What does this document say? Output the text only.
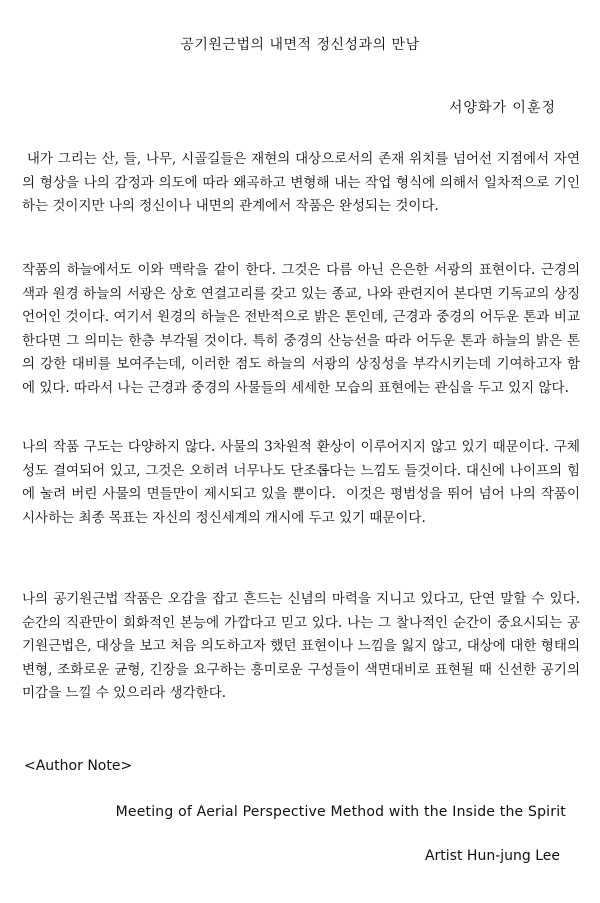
공기원근법의 내면적 정신성과의 만남
서양화가 이훈정

내가 그리는 산, 들, 나무, 시골길들은 재현의 대상으로서의 존재 위치를 넘어선 지점에서 자연의 형상을 나의 감정과 의도에 따라 왜곡하고 변형해 내는 작업 형식에 의해서 일차적으로 기인하는 것이지만 나의 정신이나 내면의 관계에서 작품은 완성되는 것이다.

작품의 하늘에서도 이와 맥락을 같이 한다. 그것은 다름 아닌 은은한 서광의 표현이다. 근경의 색과 원경 하늘의 서광은 상호 연결고리를 갖고 있는 종교, 나와 관련지어 본다면 기독교의 상징언어인 것이다. 여기서 원경의 하늘은 전반적으로 밝은 톤인데, 근경과 중경의 어두운 톤과 비교한다면 그 의미는 한층 부각될 것이다. 특히 중경의 산능선을 따라 어두운 톤과 하늘의 밝은 톤의 강한 대비를 보여주는데, 이러한 점도 하늘의 서광의 상징성을 부각시키는데 기여하고자 함에 있다. 따라서 나는 근경과 중경의 사물들의 세세한 모습의 표현에는 관심을 두고 있지 않다.

나의 작품 구도는 다양하지 않다. 사물의 3차원적 환상이 이루어지지 않고 있기 때문이다. 구체성도 결여되어 있고, 그것은 오히려 너무나도 단조롭다는 느낌도 들것이다. 대신에 나이프의 힘에 눌려 버린 사물의 면들만이 제시되고 있을 뿐이다.  이것은 평범성을 뛰어 넘어 나의 작품이 시사하는 최종 목표는 자신의 정신세계의 개시에 두고 있기 때문이다.

나의 공기원근법 작품은 오감을 잡고 흔드는 신념의 마력을 지니고 있다고, 단연 말할 수 있다.  순간의 직관만이 회화적인 본능에 가깝다고 믿고 있다. 나는 그 찰나적인 순간이 중요시되는 공기원근법은, 대상을 보고 처음 의도하고자 했던 표현이나 느낌을 잃지 않고, 대상에 대한 형태의 변형, 조화로운 균형, 긴장을 요구하는 흥미로운 구성들이 색면대비로 표현될 때 신선한 공기의 미감을 느낄 수 있으리라 생각한다.

<Author Note>
Meeting of Aerial Perspective Method with the Inside the Spirit
Artist Hun-jung Lee
